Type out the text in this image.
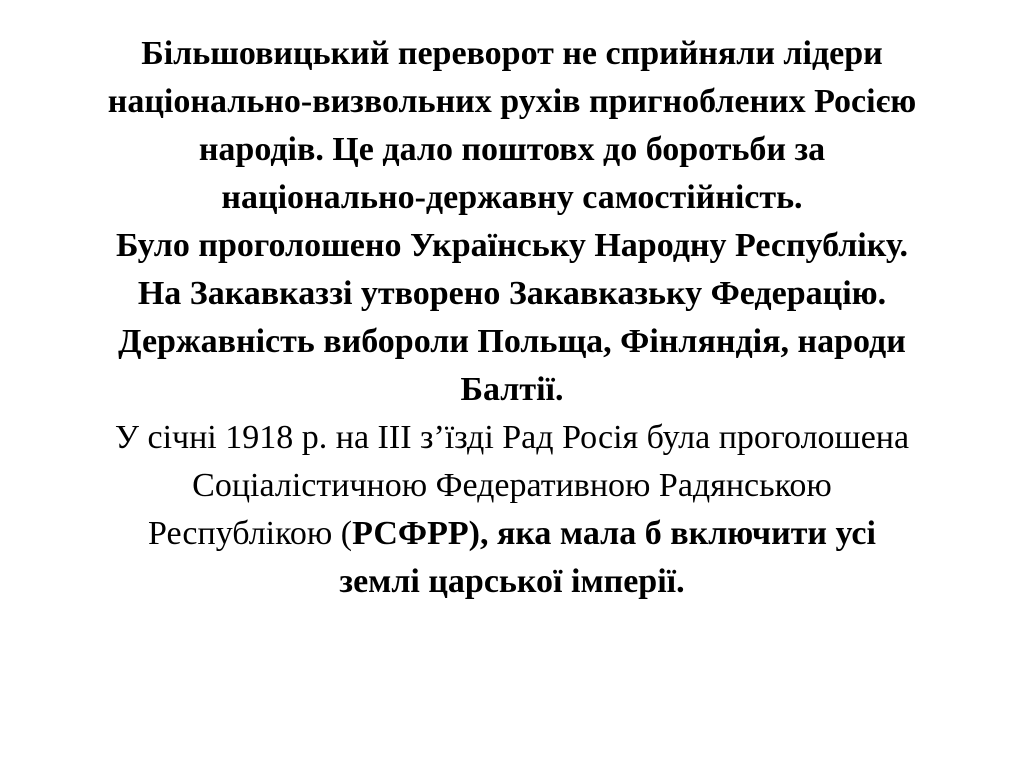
Більшовицький переворот не сприйняли лідери
національно-визвольних рухів пригноблених Росією
народів. Це дало поштовх до боротьби за
національно-державну самостійність.
Було проголошено Українську Народну Республіку.
На Закавказзі утворено Закавказьку Федерацію.
Державність вибороли Польща, Фінляндія, народи
Балтії.
У січні 1918 р. на ІІІ з’їзді Рад Росія була проголошена
Соціалістичною Федеративною Радянською
Республікою (РСФРР), яка мала б включити усі
землі царської імперії.
